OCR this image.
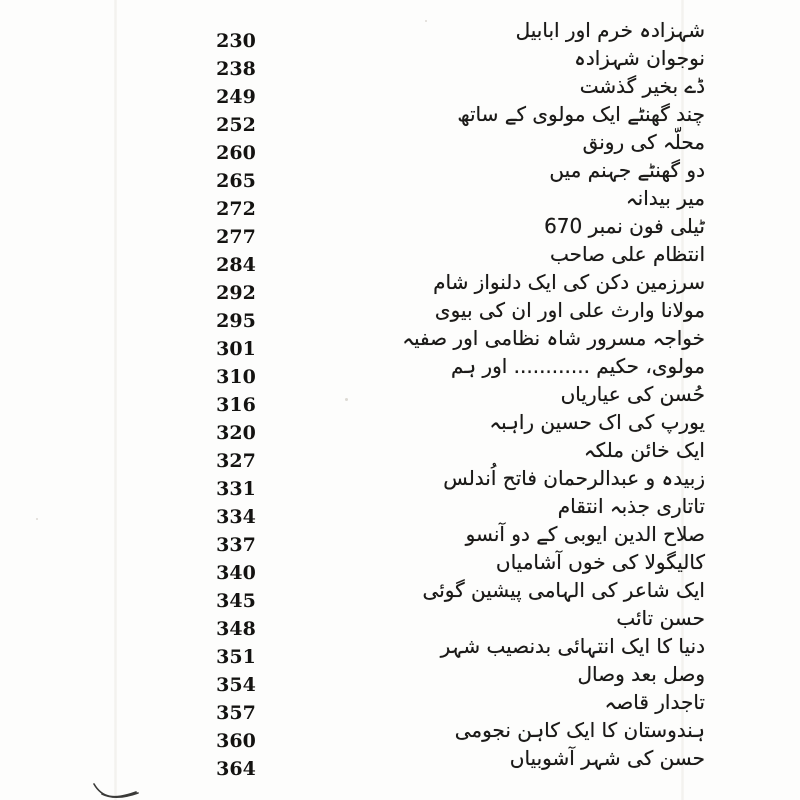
شہزادہ خرم اور ابابیل
230
نوجوان شہزادہ
238
ڈے بخیر گذشت
249
چند گھنٹے ایک مولوی کے ساتھ
252
محلّہ کی رونق
260
دو گھنٹے جہنم میں
265
میر بیدانہ
272
ٹیلی فون نمبر 670
277
انتظام علی صاحب
284
سرزمین دکن کی ایک دلنواز شام
292
مولانا وارث علی اور ان کی بیوی
295
خواجہ مسرور شاہ نظامی اور صفیہ
301
مولوی، حکیم ............ اور ہم
310
حُسن کی عیاریاں
316
یورپ کی اک حسین راہبہ
320
ایک خائن ملکہ
327
زبیدہ و عبدالرحمان فاتح اُندلس
331
تاتاری جذبہ انتقام
334
صلاح الدین ایوبی کے دو آنسو
337
کالیگولا کی خوں آشامیاں
340
ایک شاعر کی الہامی پیشین گوئی
345
حسن تائب
348
دنیا کا ایک انتہائی بدنصیب شہر
351
وصل بعد وصال
354
تاجدار قاصہ
357
ہندوستان کا ایک کاہن نجومی
360
حسن کی شہر آشوبیاں
364
